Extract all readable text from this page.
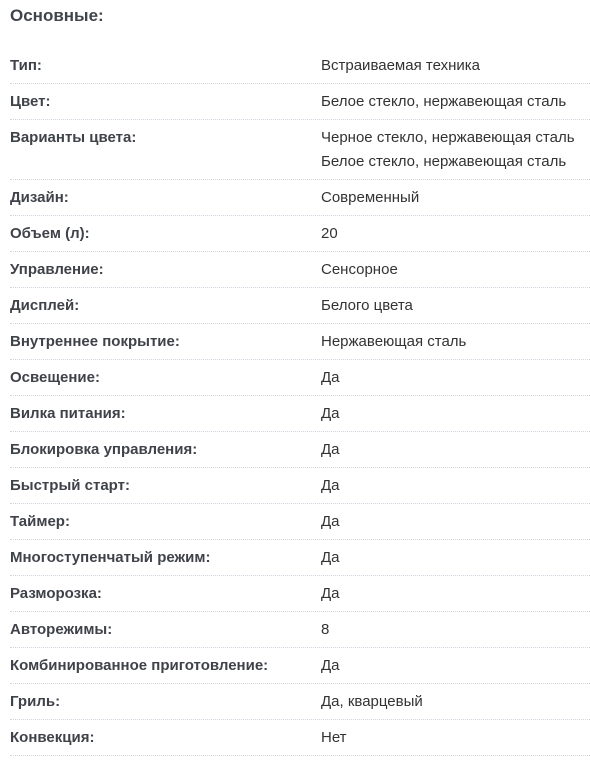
Основные:
Тип:	Встраиваемая техника
Цвет:	Белое стекло, нержавеющая сталь
Варианты цвета:	Черное стекло, нержавеющая сталь
Белое стекло, нержавеющая сталь
Дизайн:	Современный
Объем (л):	20
Управление:	Сенсорное
Дисплей:	Белого цвета
Внутреннее покрытие:	Нержавеющая сталь
Освещение:	Да
Вилка питания:	Да
Блокировка управления:	Да
Быстрый старт:	Да
Таймер:	Да
Многоступенчатый режим:	Да
Разморозка:	Да
Авторежимы:	8
Комбинированное приготовление:	Да
Гриль:	Да, кварцевый
Конвекция:	Нет
